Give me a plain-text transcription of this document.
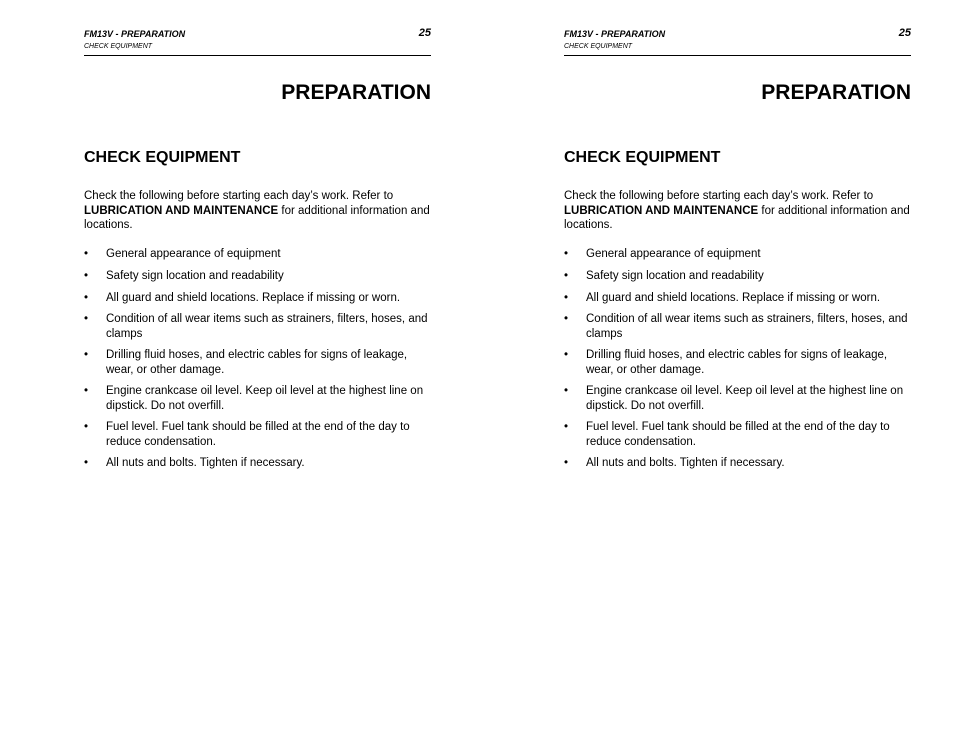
FM13V - PREPARATION	25
CHECK EQUIPMENT
PREPARATION
CHECK EQUIPMENT

Check the following before starting each day’s work. Refer to LUBRICATION AND MAINTENANCE for additional information and locations.

• General appearance of equipment
• Safety sign location and readability
• All guard and shield locations. Replace if missing or worn.
• Condition of all wear items such as strainers, filters, hoses, and clamps
• Drilling fluid hoses, and electric cables for signs of leakage, wear, or other damage.
• Engine crankcase oil level. Keep oil level at the highest line on dipstick. Do not overfill.
• Fuel level. Fuel tank should be filled at the end of the day to reduce condensation.
• All nuts and bolts. Tighten if necessary.
FM13V - PREPARATION	25
CHECK EQUIPMENT
PREPARATION
CHECK EQUIPMENT

Check the following before starting each day’s work. Refer to LUBRICATION AND MAINTENANCE for additional information and locations.

• General appearance of equipment
• Safety sign location and readability
• All guard and shield locations. Replace if missing or worn.
• Condition of all wear items such as strainers, filters, hoses, and clamps
• Drilling fluid hoses, and electric cables for signs of leakage, wear, or other damage.
• Engine crankcase oil level. Keep oil level at the highest line on dipstick. Do not overfill.
• Fuel level. Fuel tank should be filled at the end of the day to reduce condensation.
• All nuts and bolts. Tighten if necessary.
